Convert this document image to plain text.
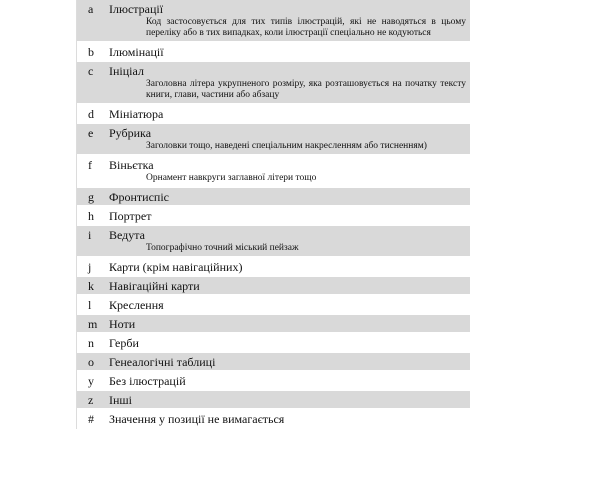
a	Ілюстрації
Код застосовується для тих типів ілюстрацій, які не наводяться в цьому переліку або в тих випадках, коли ілюстрації спеціально не кодуються
b	Ілюмінації
c	Ініціал
Заголовна літера укрупненого розміру, яка розташовується на початку тексту книги, глави, частини або абзацу
d	Мініатюра
e	Рубрика
Заголовки тощо, наведені спеціальним накресленням або тисненням)
f	Віньєтка
Орнамент навкруги заглавної літери тощо
g	Фронтиспіс
h	Портрет
i	Ведута
Топографічно точний міський пейзаж
j	Карти (крім навігаційних)
k	Навігаційні карти
l	Креслення
m Ноти
n	Герби
o	Генеалогічні таблиці
y	Без ілюстрацій
z	Інші
#	Значення у позиції не вимагається
